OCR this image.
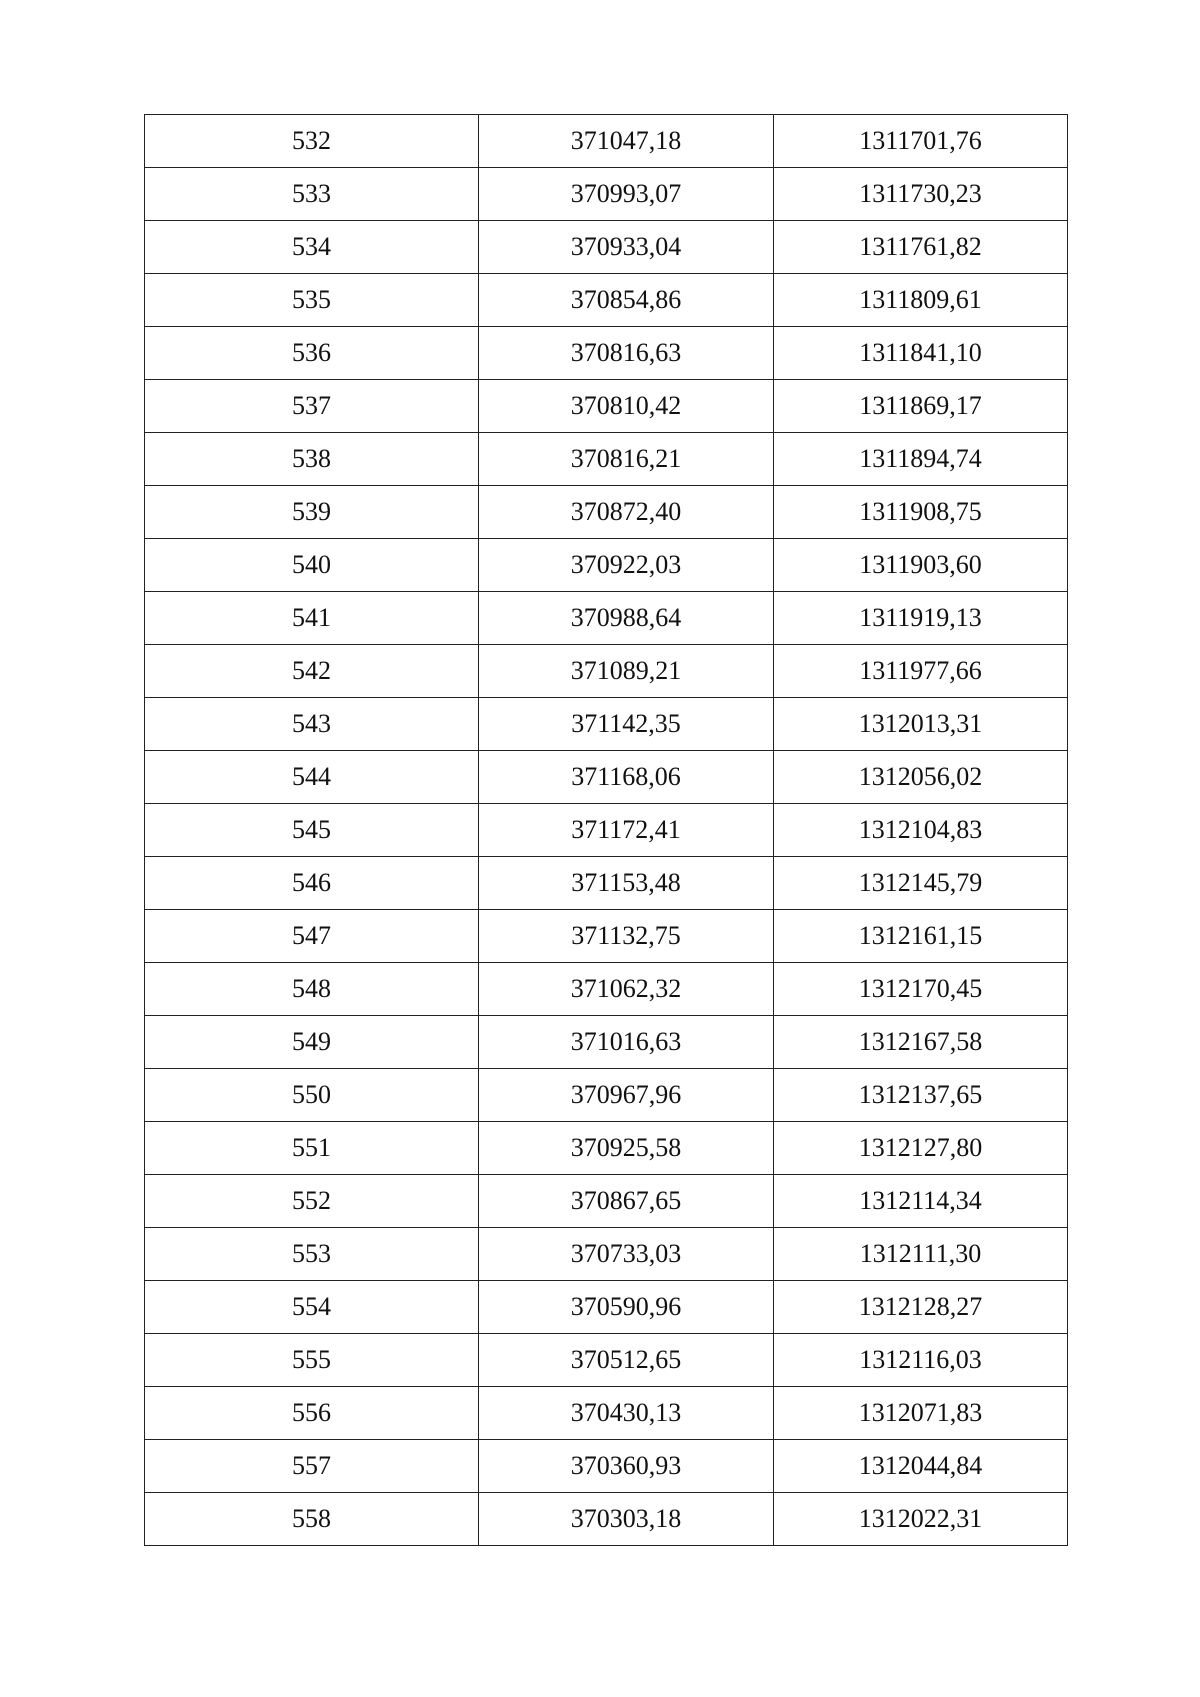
532	371047,18	1311701,76
533	370993,07	1311730,23
534	370933,04	1311761,82
535	370854,86	1311809,61
536	370816,63	1311841,10
537	370810,42	1311869,17
538	370816,21	1311894,74
539	370872,40	1311908,75
540	370922,03	1311903,60
541	370988,64	1311919,13
542	371089,21	1311977,66
543	371142,35	1312013,31
544	371168,06	1312056,02
545	371172,41	1312104,83
546	371153,48	1312145,79
547	371132,75	1312161,15
548	371062,32	1312170,45
549	371016,63	1312167,58
550	370967,96	1312137,65
551	370925,58	1312127,80
552	370867,65	1312114,34
553	370733,03	1312111,30
554	370590,96	1312128,27
555	370512,65	1312116,03
556	370430,13	1312071,83
557	370360,93	1312044,84
558	370303,18	1312022,31
